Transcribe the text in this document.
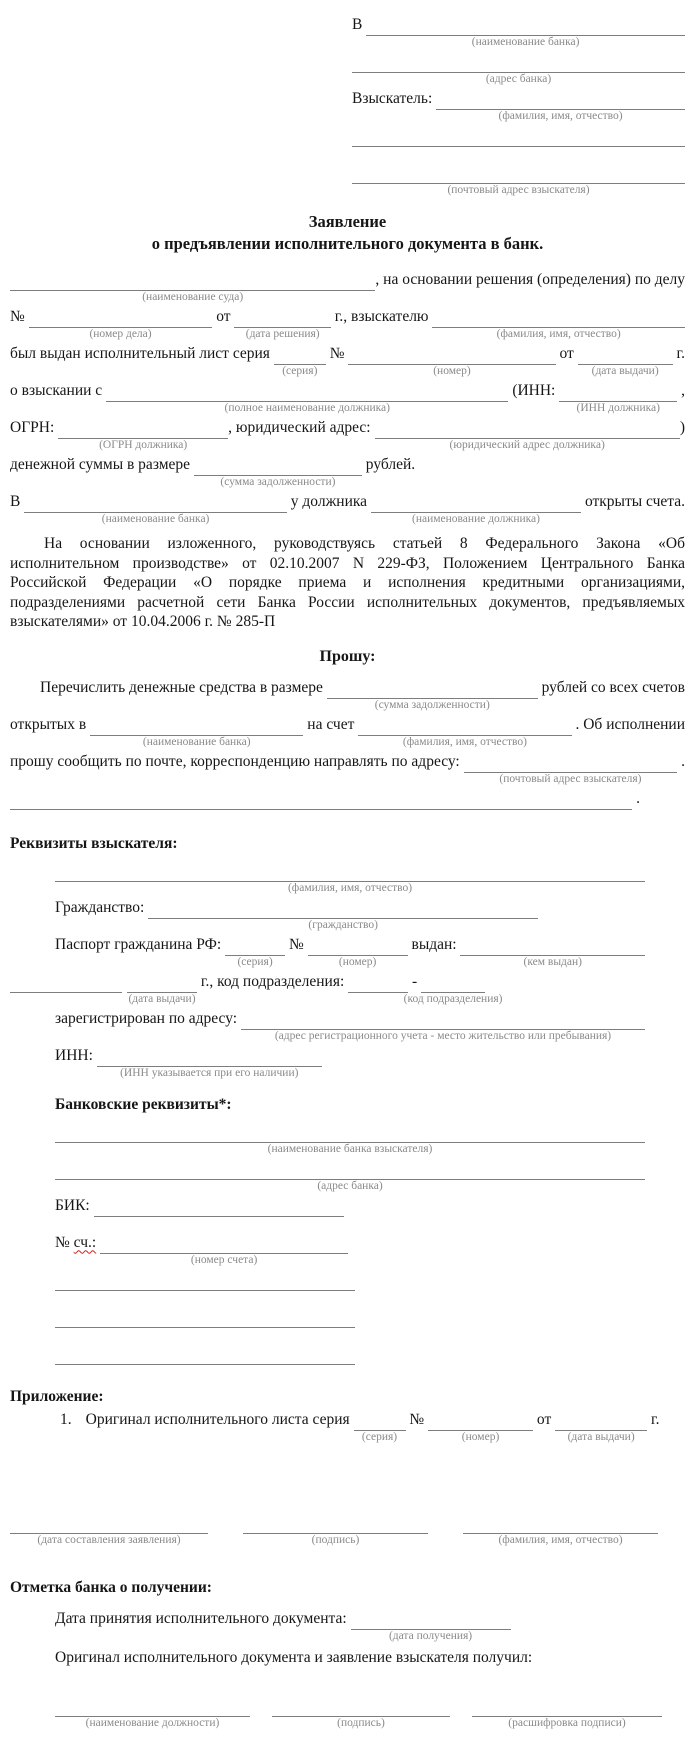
В
(наименование банка)
(адрес банка)
Взыскатель:
(фамилия, имя, отчество)
(почтовый адрес взыскателя)
Заявление
о предъявлении исполнительного документа в банк.
(наименование суда)
, на основании решения (определения) по делу
№
(номер дела)
от
(дата решения)
г., взыскателю
(фамилия, имя, отчество)
был выдан исполнительный лист серия
(серия)
№
(номер)
от
(дата выдачи)
г.
о взыскании с
(полное наименование должника)
(ИНН:
(ИНН должника)
,
ОГРН:
(ОГРН должника)
, юридический адрес:
(юридический адрес должника)
)
денежной суммы в размере
(сумма задолженности)
рублей.
В
(наименование банка)
у должника
(наименование должника)
открыты счета.
На основании изложенного, руководствуясь статьей 8 Федерального Закона «Об исполнительном производстве» от 02.10.2007 N 229-ФЗ, Положением Центрального Банка Российской Федерации «О порядке приема и исполнения кредитными организациями, подразделениями расчетной сети Банка России исполнительных документов, предъявляемых взыскателями» от 10.04.2006 г. № 285-П
Прошу:
Перечислить денежные средства в размере
(сумма задолженности)
рублей со всех счетов
открытых в
(наименование банка)
на счет
(фамилия, имя, отчество)
. Об исполнении
прошу сообщить по почте, корреспонденцию направлять по адресу:
(почтовый адрес взыскателя)
.
.
Реквизиты взыскателя:
(фамилия, имя, отчество)
Гражданство:
(гражданство)
Паспорт гражданина РФ:
(серия)
№
(номер)
выдан:
(кем выдан)
(дата выдачи)
г., код подразделения:	-
(код подразделения)
зарегистрирован по адресу:
(адрес регистрационного учета - место жительство или пребывания)
ИНН:
(ИНН указывается при его наличии)
Банковские реквизиты*:
(наименование банка взыскателя)
(адрес банка)
БИК:
№ сч.:

(номер счета)
Приложение:
1. Оригинал исполнительного листа серия
(серия)
№
(номер)
от
(дата выдачи)
г.
(дата составления заявления)	(подпись)	(фамилия, имя, отчество)
Отметка банка о получении:
Дата принятия исполнительного документа:
(дата получения)
Оригинал исполнительного документа и заявление взыскателя получил:
(наименование должности)	(подпись)	(расшифровка подписи)
